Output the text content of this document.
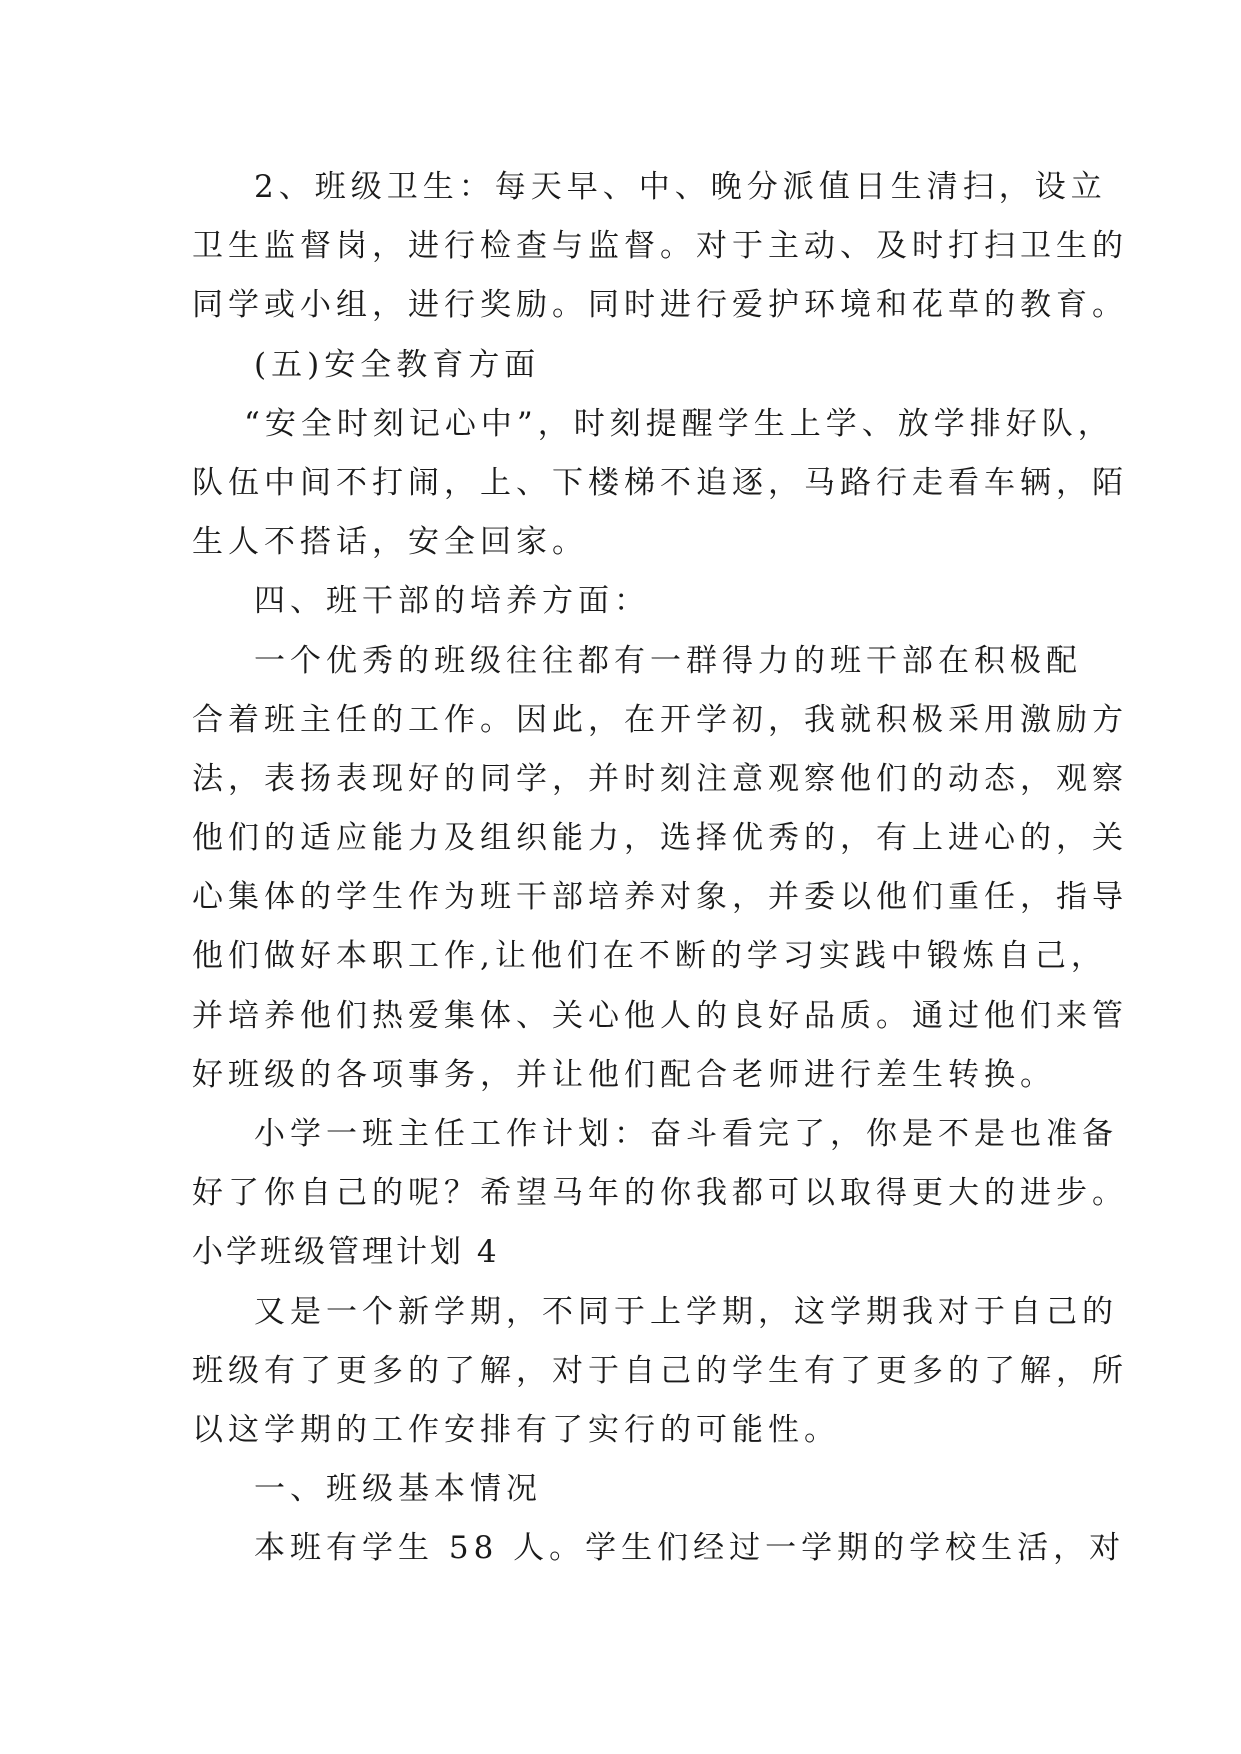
2、班级卫生：每天早、中、晚分派值日生清扫，设立
卫生监督岗，进行检查与监督。对于主动、及时打扫卫生的
同学或小组，进行奖励。同时进行爱护环境和花草的教育。
(五)安全教育方面
“安全时刻记心中”，时刻提醒学生上学、放学排好队，
队伍中间不打闹，上、下楼梯不追逐，马路行走看车辆，陌
生人不搭话，安全回家。
四、班干部的培养方面：
一个优秀的班级往往都有一群得力的班干部在积极配
合着班主任的工作。因此，在开学初，我就积极采用激励方
法，表扬表现好的同学，并时刻注意观察他们的动态，观察
他们的适应能力及组织能力，选择优秀的，有上进心的，关
心集体的学生作为班干部培养对象，并委以他们重任，指导
他们做好本职工作,让他们在不断的学习实践中锻炼自己，
并培养他们热爱集体、关心他人的良好品质。通过他们来管
好班级的各项事务，并让他们配合老师进行差生转换。
小学一班主任工作计划：奋斗看完了，你是不是也准备
好了你自己的呢？希望马年的你我都可以取得更大的进步。
小学班级管理计划 4
又是一个新学期，不同于上学期，这学期我对于自己的
班级有了更多的了解，对于自己的学生有了更多的了解，所
以这学期的工作安排有了实行的可能性。
一、班级基本情况
本班有学生 58 人。学生们经过一学期的学校生活，对
